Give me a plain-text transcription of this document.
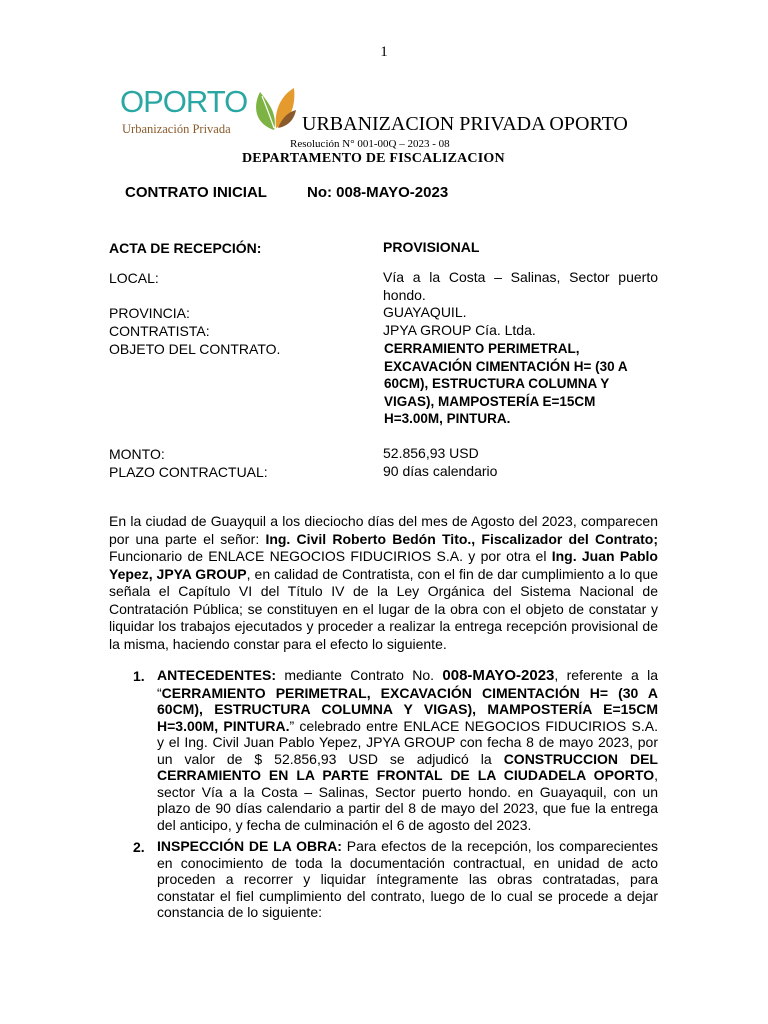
1
OPORTO
Urbanización Privada	URBANIZACION PRIVADA OPORTO
Resolución N° 001-00Q – 2023 - 08
DEPARTAMENTO DE FISCALIZACION
CONTRATO INICIAL	No: 008-MAYO-2023
ACTA DE RECEPCIÓN:	PROVISIONAL
LOCAL:	Vía a la Costa – Salinas, Sector puerto
hondo.
PROVINCIA:	GUAYAQUIL.
CONTRATISTA:	JPYA GROUP Cía. Ltda.
OBJETO DEL CONTRATO.	CERRAMIENTO PERIMETRAL,
EXCAVACIÓN CIMENTACIÓN H= (30 A
60CM), ESTRUCTURA COLUMNA Y
VIGAS), MAMPOSTERÍA E=15CM
H=3.00M, PINTURA.
MONTO:	52.856,93 USD
PLAZO CONTRACTUAL:	90 días calendario
En la ciudad de Guayquil a los dieciocho días del mes de Agosto del 2023, comparecen por una parte el señor: Ing. Civil Roberto Bedón Tito., Fiscalizador del Contrato; Funcionario de ENLACE NEGOCIOS FIDUCIRIOS S.A. y por otra el Ing. Juan Pablo Yepez, JPYA GROUP, en calidad de Contratista, con el fin de dar cumplimiento a lo que señala el Capítulo VI del Título IV de la Ley Orgánica del Sistema Nacional de Contratación Pública; se constituyen en el lugar de la obra con el objeto de constatar y liquidar los trabajos ejecutados y proceder a realizar la entrega recepción provisional de la misma, haciendo constar para el efecto lo siguiente.
1. ANTECEDENTES: mediante Contrato No. 008-MAYO-2023, referente a la “CERRAMIENTO PERIMETRAL, EXCAVACIÓN CIMENTACIÓN H= (30 A 60CM), ESTRUCTURA COLUMNA Y VIGAS), MAMPOSTERÍA E=15CM H=3.00M, PINTURA.” celebrado entre ENLACE NEGOCIOS FIDUCIRIOS S.A. y el Ing. Civil Juan Pablo Yepez, JPYA GROUP con fecha 8 de mayo 2023, por un valor de $ 52.856,93 USD se adjudicó la CONSTRUCCION DEL CERRAMIENTO EN LA PARTE FRONTAL DE LA CIUDADELA OPORTO, sector Vía a la Costa – Salinas, Sector puerto hondo. en Guayaquil, con un plazo de 90 días calendario a partir del 8 de mayo del 2023, que fue la entrega del anticipo, y fecha de culminación el 6 de agosto del 2023.
2. INSPECCIÓN DE LA OBRA: Para efectos de la recepción, los comparecientes en conocimiento de toda la documentación contractual, en unidad de acto proceden a recorrer y liquidar íntegramente las obras contratadas, para constatar el fiel cumplimiento del contrato, luego de lo cual se procede a dejar constancia de lo siguiente:
